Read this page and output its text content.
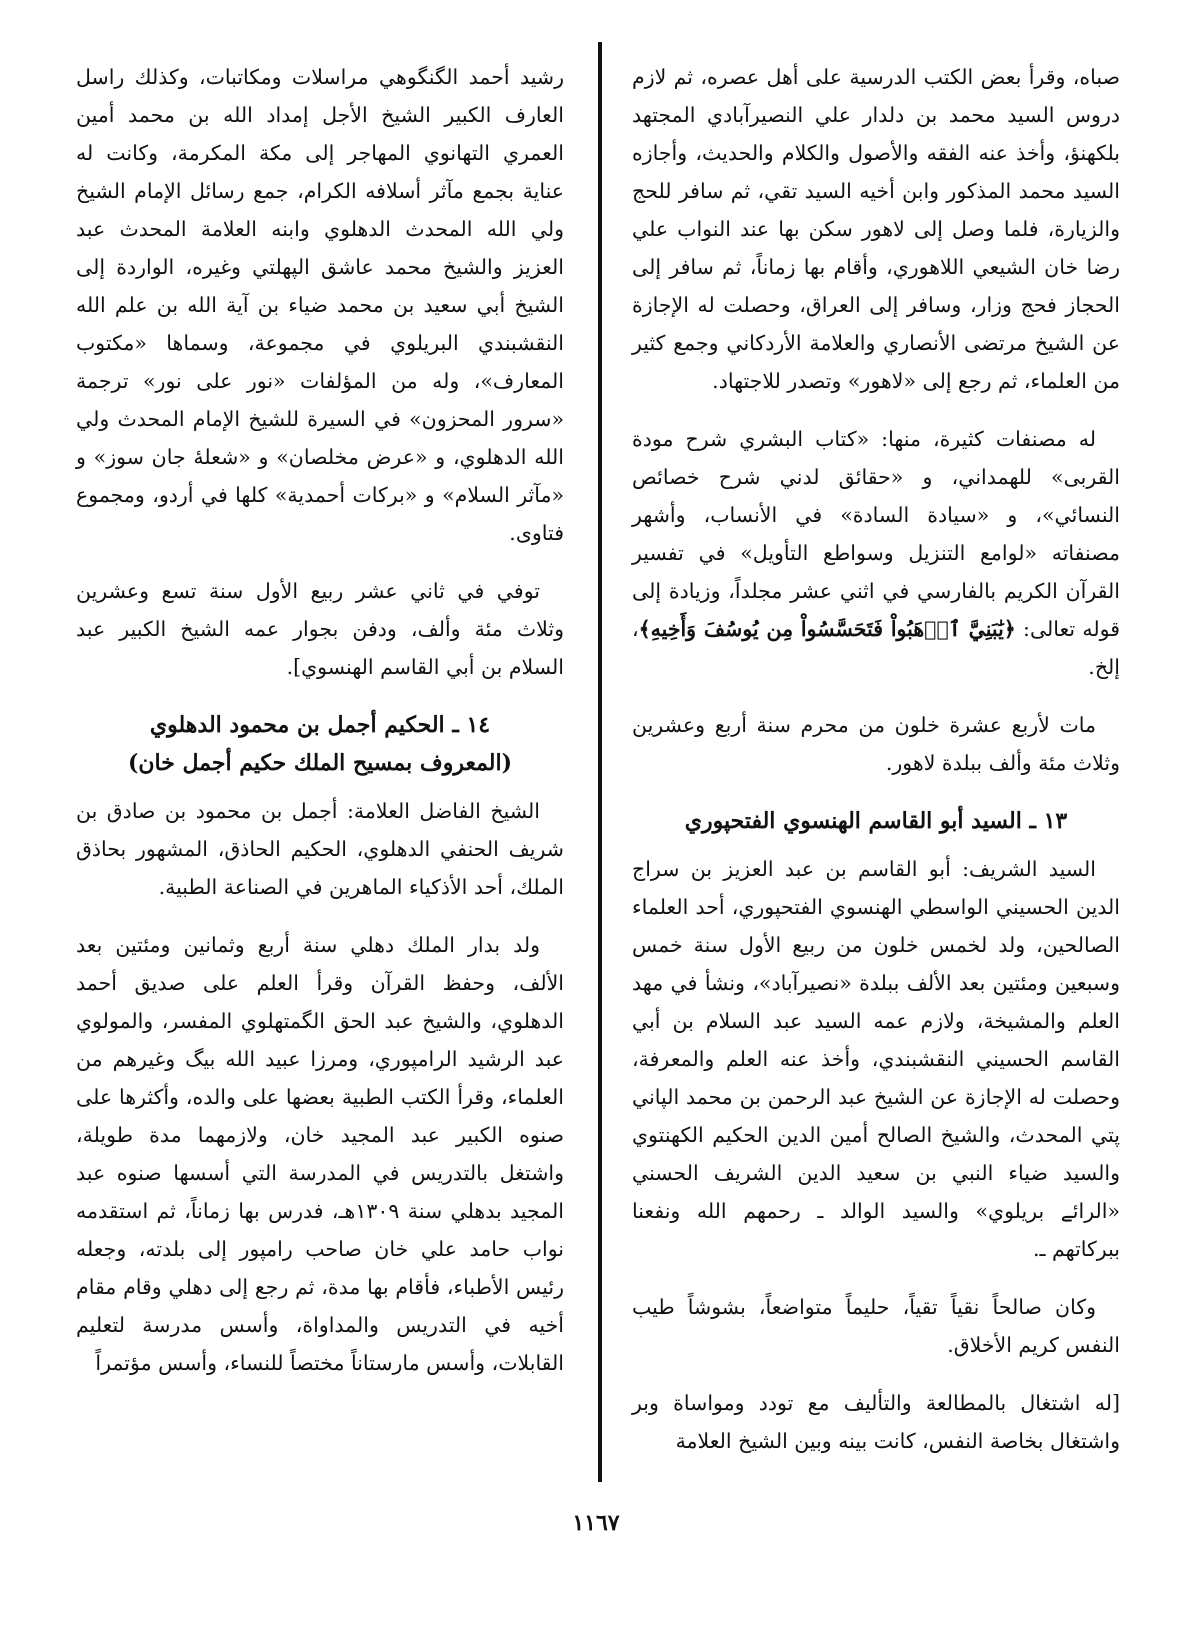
صباه، وقرأ بعض الكتب الدرسية على أهل عصره، ثم لازم دروس السيد محمد بن دلدار علي النصيرآبادي المجتهد بلكهنؤ، وأخذ عنه الفقه والأصول والكلام والحديث، وأجازه السيد محمد المذكور وابن أخيه السيد تقي، ثم سافر للحج والزيارة، فلما وصل إلى لاهور سكن بها عند النواب علي رضا خان الشيعي اللاهوري، وأقام بها زماناً، ثم سافر إلى الحجاز فحج وزار، وسافر إلى العراق، وحصلت له الإجازة عن الشيخ مرتضى الأنصاري والعلامة الأردكاني وجمع كثير من العلماء، ثم رجع إلى «لاهور» وتصدر للاجتهاد.

له مصنفات كثيرة، منها: «كتاب البشري شرح مودة القربى» للهمداني، و «حقائق لدني شرح خصائص النسائي»، و «سيادة السادة» في الأنساب، وأشهر مصنفاته «لوامع التنزيل وسواطع التأويل» في تفسير القرآن الكريم بالفارسي في اثني عشر مجلداً، وزيادة إلى قوله تعالى: ﴿يَٰبَنِيَّ ٱذۡهَبُواْ فَتَحَسَّسُواْ مِن يُوسُفَ وَأَخِيهِ﴾، إلخ.

مات لأربع عشرة خلون من محرم سنة أربع وعشرين وثلاث مئة وألف ببلدة لاهور.

١٣ ـ السيد أبو القاسم الهنسوي الفتحپوري

السيد الشريف: أبو القاسم بن عبد العزيز بن سراج الدين الحسيني الواسطي الهنسوي الفتحپوري، أحد العلماء الصالحين، ولد لخمس خلون من ربيع الأول سنة خمس وسبعين ومئتين بعد الألف ببلدة «نصيرآباد»، ونشأ في مهد العلم والمشيخة، ولازم عمه السيد عبد السلام بن أبي القاسم الحسيني النقشبندي، وأخذ عنه العلم والمعرفة، وحصلت له الإجازة عن الشيخ عبد الرحمن بن محمد الپاني پتي المحدث، والشيخ الصالح أمين الدين الحكيم الكهنتوي والسيد ضياء النبي بن سعيد الدين الشريف الحسني «الرائے بريلوي» والسيد الوالد ـ رحمهم الله ونفعنا ببركاتهم ـ.

وكان صالحاً نقياً تقياً، حليماً متواضعاً، بشوشاً طيب النفس كريم الأخلاق.

[له اشتغال بالمطالعة والتأليف مع تودد ومواساة وبر واشتغال بخاصة النفس، كانت بينه وبين الشيخ العلامة

رشيد أحمد الگنگوهي مراسلات ومكاتبات، وكذلك راسل العارف الكبير الشيخ الأجل إمداد الله بن محمد أمين العمري التهانوي المهاجر إلى مكة المكرمة، وكانت له عناية بجمع مآثر أسلافه الكرام، جمع رسائل الإمام الشيخ ولي الله المحدث الدهلوي وابنه العلامة المحدث عبد العزيز والشيخ محمد عاشق الپهلتي وغيره، الواردة إلى الشيخ أبي سعيد بن محمد ضياء بن آية الله بن علم الله النقشبندي البريلوي في مجموعة، وسماها «مكتوب المعارف»، وله من المؤلفات «نور على نور» ترجمة «سرور المحزون» في السيرة للشيخ الإمام المحدث ولي الله الدهلوي، و «عرض مخلصان» و «شعلهٔ جان سوز» و «مآثر السلام» و «بركات أحمدية» كلها في أردو، ومجموع فتاوى.

توفي في ثاني عشر ربيع الأول سنة تسع وعشرين وثلاث مئة وألف، ودفن بجوار عمه الشيخ الكبير عبد السلام بن أبي القاسم الهنسوي].

١٤ ـ الحكيم أجمل بن محمود الدهلوي
(المعروف بمسيح الملك حكيم أجمل خان)

الشيخ الفاضل العلامة: أجمل بن محمود بن صادق بن شريف الحنفي الدهلوي، الحكيم الحاذق، المشهور بحاذق الملك، أحد الأذكياء الماهرين في الصناعة الطبية.

ولد بدار الملك دهلي سنة أربع وثمانين ومئتين بعد الألف، وحفظ القرآن وقرأ العلم على صديق أحمد الدهلوي، والشيخ عبد الحق الگمتهلوي المفسر، والمولوي عبد الرشيد الرامپوري، ومرزا عبيد الله بيگ وغيرهم من العلماء، وقرأ الكتب الطبية بعضها على والده، وأكثرها على صنوه الكبير عبد المجيد خان، ولازمهما مدة طويلة، واشتغل بالتدريس في المدرسة التي أسسها صنوه عبد المجيد بدهلي سنة ١٣٠٩هـ، فدرس بها زماناً، ثم استقدمه نواب حامد علي خان صاحب رامپور إلى بلدته، وجعله رئيس الأطباء، فأقام بها مدة، ثم رجع إلى دهلي وقام مقام أخيه في التدريس والمداواة، وأسس مدرسة لتعليم القابلات، وأسس مارستاناً مختصاً للنساء، وأسس مؤتمراً

١١٦٧
